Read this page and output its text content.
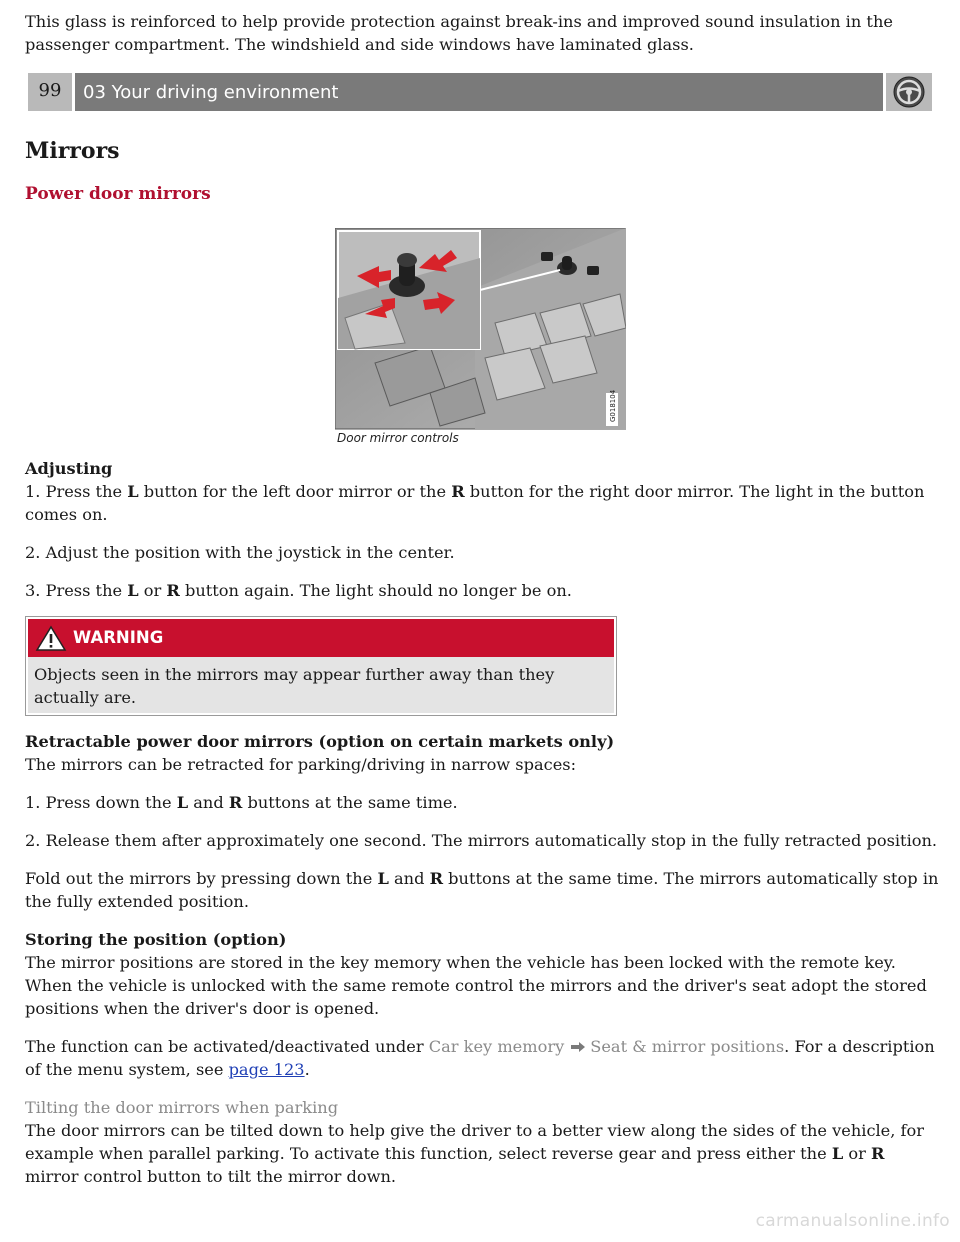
This glass is reinforced to help provide protection against break-ins and improved sound insulation in the passenger compartment. The windshield and side windows have laminated glass.

99	03 Your driving environment
Mirrors
Power door mirrors
G018104
Door mirror controls

Adjusting

1. Press the L button for the left door mirror or the R button for the right door mirror. The light in the button comes on.

2. Adjust the position with the joystick in the center.

3. Press the L or R button again. The light should no longer be on.

WARNING
Objects seen in the mirrors may appear further away than they actually are.

Retractable power door mirrors (option on certain markets only)

The mirrors can be retracted for parking/driving in narrow spaces:

1. Press down the L and R buttons at the same time.

2. Release them after approximately one second. The mirrors automatically stop in the fully retracted position.

Fold out the mirrors by pressing down the L and R buttons at the same time. The mirrors automatically stop in the fully extended position.

Storing the position (option)

The mirror positions are stored in the key memory when the vehicle has been locked with the remote key. When the vehicle is unlocked with the same remote control the mirrors and the driver's seat adopt the stored positions when the driver's door is opened.

The function can be activated/deactivated under Car key memory Seat & mirror positions. For a description of the menu system, see page 123.

Tilting the door mirrors when parking

The door mirrors can be tilted down to help give the driver to a better view along the sides of the vehicle, for example when parallel parking. To activate this function, select reverse gear and press either the L or R mirror control button to tilt the mirror down.

carmanualsonline.info
